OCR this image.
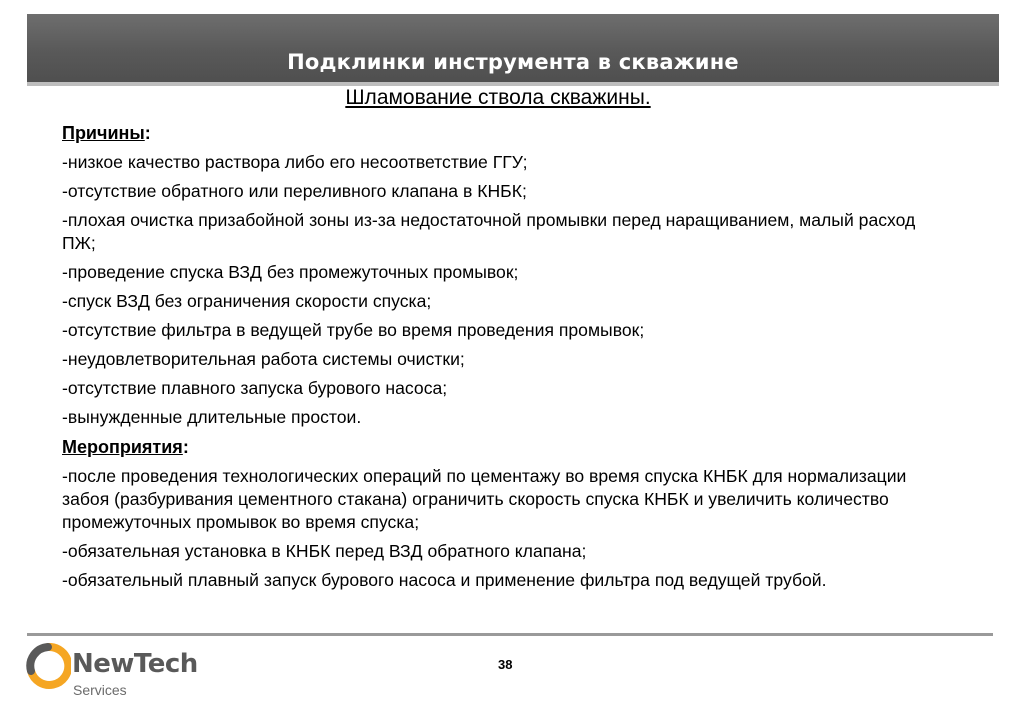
Подклинки инструмента в скважине
Шламование ствола скважины.
Причины:
-низкое качество раствора либо его несоответствие ГГУ;
-отсутствие обратного или переливного клапана в КНБК;
-плохая очистка призабойной зоны из-за недостаточной промывки перед наращиванием, малый расход ПЖ;
-проведение спуска ВЗД без промежуточных промывок;
-спуск ВЗД без ограничения скорости спуска;
-отсутствие фильтра в ведущей трубе во время проведения промывок;
-неудовлетворительная работа системы очистки;
-отсутствие плавного запуска бурового насоса;
-вынужденные длительные простои.
Мероприятия:
-после проведения технологических операций по цементажу во время спуска КНБК для нормализации забоя (разбуривания цементного стакана) ограничить скорость спуска КНБК и увеличить количество промежуточных промывок во время спуска;
-обязательная установка в КНБК перед ВЗД обратного клапана;
-обязательный плавный запуск бурового насоса и применение фильтра под ведущей трубой.
38
NewTech
Services
